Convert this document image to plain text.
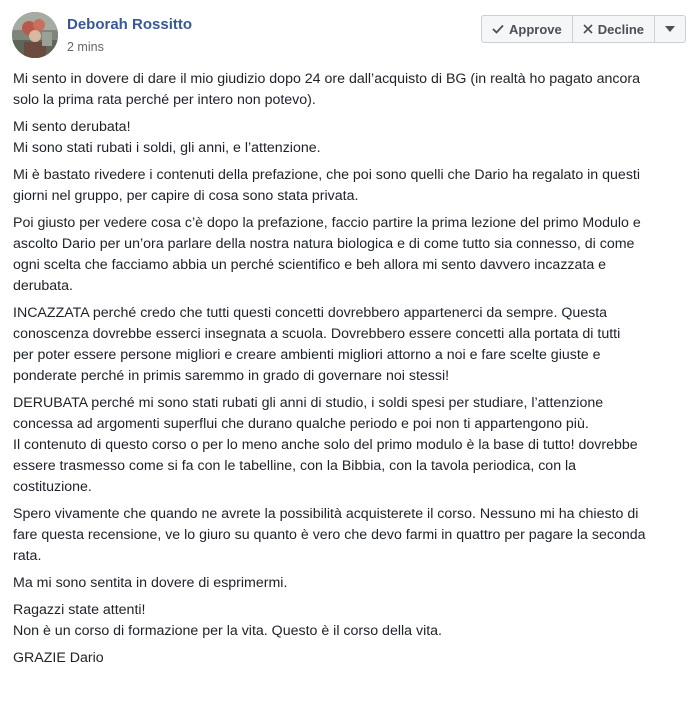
Deborah Rossitto
2 mins
Approve	Decline
Mi sento in dovere di dare il mio giudizio dopo 24 ore dall’acquisto di BG (in realtà ho pagato ancora
solo la prima rata perché per intero non potevo).
Mi sento derubata!
Mi sono stati rubati i soldi, gli anni, e l’attenzione.
Mi è bastato rivedere i contenuti della prefazione, che poi sono quelli che Dario ha regalato in questi
giorni nel gruppo, per capire di cosa sono stata privata.
Poi giusto per vedere cosa c’è dopo la prefazione, faccio partire la prima lezione del primo Modulo e
ascolto Dario per un’ora parlare della nostra natura biologica e di come tutto sia connesso, di come
ogni scelta che facciamo abbia un perché scientifico e beh allora mi sento davvero incazzata e
derubata.
INCAZZATA perché credo che tutti questi concetti dovrebbero appartenerci da sempre. Questa
conoscenza dovrebbe esserci insegnata a scuola. Dovrebbero essere concetti alla portata di tutti
per poter essere persone migliori e creare ambienti migliori attorno a noi e fare scelte giuste e
ponderate perché in primis saremmo in grado di governare noi stessi!
DERUBATA perché mi sono stati rubati gli anni di studio, i soldi spesi per studiare, l’attenzione
concessa ad argomenti superflui che durano qualche periodo e poi non ti appartengono più.
Il contenuto di questo corso o per lo meno anche solo del primo modulo è la base di tutto! dovrebbe
essere trasmesso come si fa con le tabelline, con la Bibbia, con la tavola periodica, con la
costituzione.
Spero vivamente che quando ne avrete la possibilità acquisterete il corso. Nessuno mi ha chiesto di
fare questa recensione, ve lo giuro su quanto è vero che devo farmi in quattro per pagare la seconda
rata.
Ma mi sono sentita in dovere di esprimermi.
Ragazzi state attenti!
Non è un corso di formazione per la vita. Questo è il corso della vita.
GRAZIE Dario
